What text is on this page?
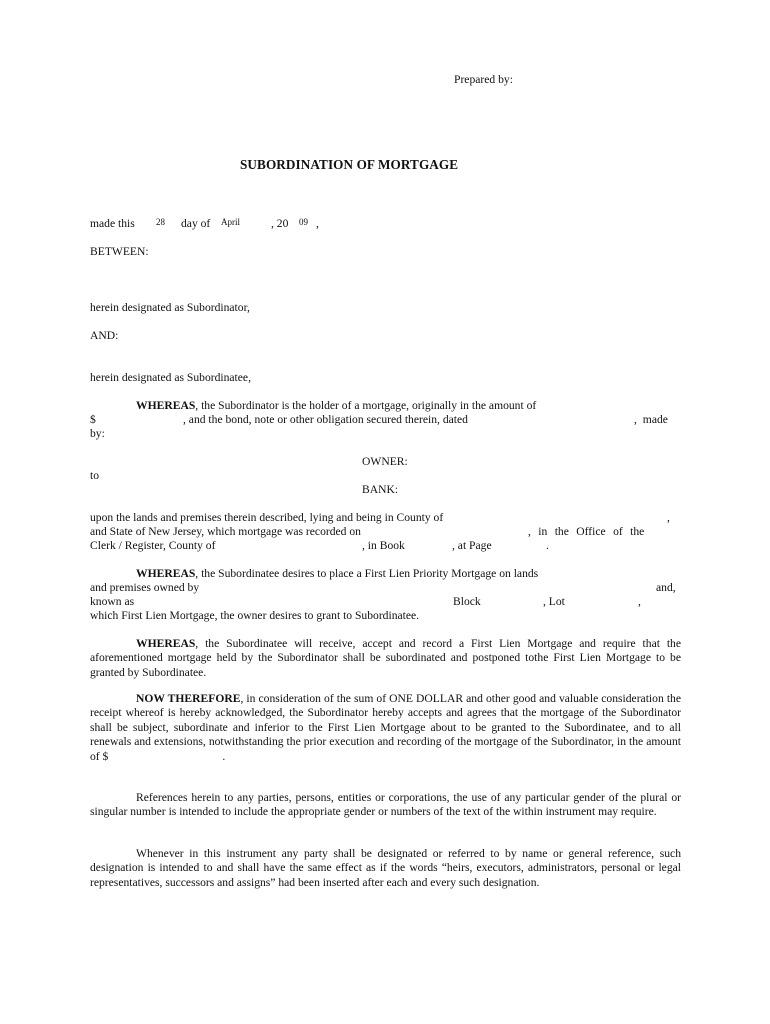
Prepared by:
SUBORDINATION OF MORTGAGE
made this 28 day of April	, 20 09 ,
BETWEEN:
herein designated as Subordinator,
AND:
herein designated as Subordinatee,
WHEREAS, the Subordinator is the holder of a mortgage, originally in the amount of
$	, and the bond, note or other obligation secured therein, dated	, made
by:
OWNER:
to
BANK:
upon the lands and premises therein described, lying and being in County of	,
and State of New Jersey, which mortgage was recorded on	, in the Office of the
Clerk / Register, County of	, in Book	, at Page	.
WHEREAS, the Subordinatee desires to place a First Lien Priority Mortgage on lands
and premises owned by	and,
known as	Block	, Lot	,
which First Lien Mortgage, the owner desires to grant to Subordinatee.
WHEREAS, the Subordinatee will receive, accept and record a First Lien Mortgage and require that the aforementioned mortgage held by the Subordinator shall be subordinated and postponed tothe First Lien Mortgage to be granted by Subordinatee.
NOW THEREFORE, in consideration of the sum of ONE DOLLAR and other good and valuable consideration the receipt whereof is hereby acknowledged, the Subordinator hereby accepts and agrees that the mortgage of the Subordinator shall be subject, subordinate and inferior to the First Lien Mortgage about to be granted to the Subordinatee, and to all renewals and extensions, notwithstanding the prior execution and recording of the mortgage of the Subordinator, in the amount of $	.
References herein to any parties, persons, entities or corporations, the use of any particular gender of the plural or singular number is intended to include the appropriate gender or numbers of the text of the within instrument may require.
Whenever in this instrument any party shall be designated or referred to by name or general reference, such designation is intended to and shall have the same effect as if the words “heirs, executors, administrators, personal or legal representatives, successors and assigns” had been inserted after each and every such designation.
